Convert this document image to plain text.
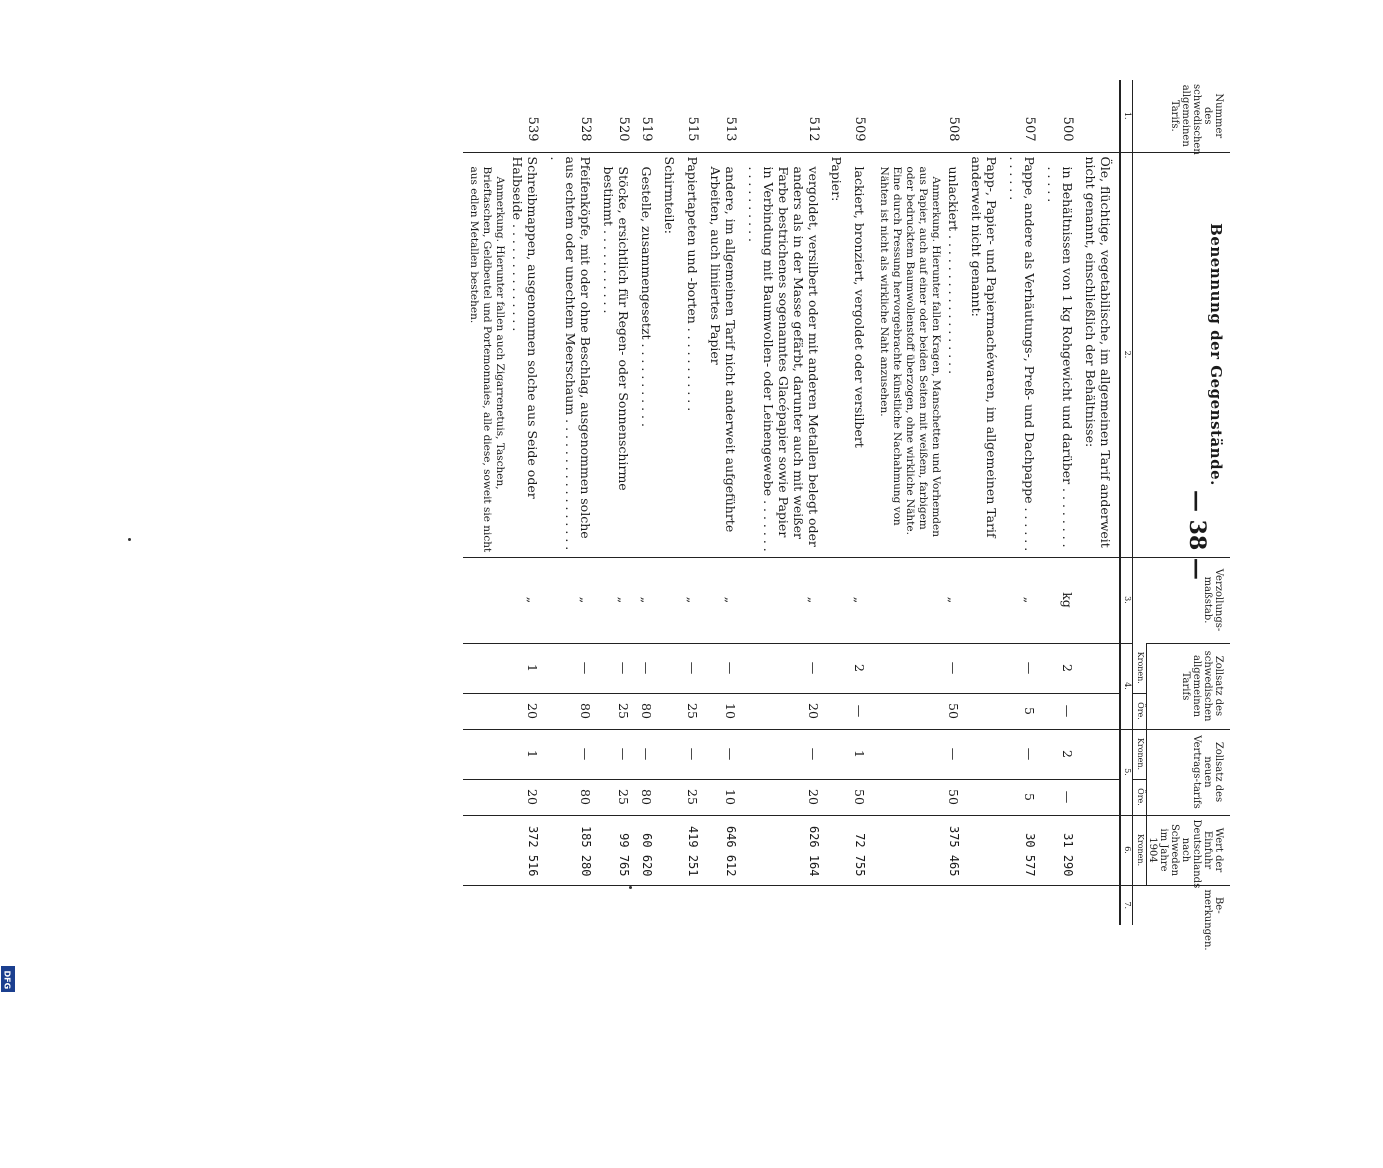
DFG
— 38 —
Nummer des schwedischen allgemeinen Tarifs.	Benennung der Gegenstände.	Verzollungs-maßstab.	Zollsatz des schwedischen allgemeinen Tarifs		Zollsatz des neuen Vertrags-tarifs		Wert der Einfuhr Deutschlands nach Schweden im Jahre 1904	Be-merkungen.
			Kronen.	Öre.	Kronen.	Öre.	Kronen.	
1.	2.	3.	4.		5.		6.	7.
	Öle, flüchtige, vegetabilische, im allgemeinen Tarif anderweit nicht genannt, einschließlich der Behältnisse:							
500	in Behältnissen von 1 kg Rohgewicht und darüber . . . . . . . . . . . . .	kg	2	—	2	—	31 290	
507	Pappe, andere als Verhäutungs-, Preß- und Dachpappe . . . . . . . . . . . .	„	—	5	—	5	30 577	
	Papp-, Papier- und Papiermachéwaren, im allgemeinen Tarif anderweit nicht genannt:							
508	unlackiert . . . . . . . . . . . . . . . . . .	„	—	50	—	50	375 465	
	Anmerkung. Hierunter fallen Kragen, Manschetten und Vorhemden aus Papier, auch auf einer oder beiden Seiten mit weißem, farbigem oder bedrucktem Baumwollenstoff überzogen, ohne wirkliche Nähte. Eine durch Pressung hervorgebrachte künstliche Nachahmung von Nähten ist nicht als wirkliche Naht anzusehen.							
509	lackiert, bronziert, vergoldet oder versilbert	„	2	—	1	50	72 755	
	Papier:							
512	vergoldet, versilbert oder mit anderen Metallen belegt oder anders als in der Masse gefärbt, darunter auch mit weißer Farbe bestrichenes sogenanntes Glacépapier sowie Papier in Verbindung mit Baumwollen- oder Leinengewebe . . . . . . . . . . . . . . . . .	„	—	20	—	20	626 164	
513	andere, im allgemeinen Tarif nicht anderweit aufgeführte Arbeiten, auch liniiertes Papier	„	—	10	—	10	646 612	
515	Papiertapeten und -borten . . . . . . . . . . .	„	—	25	—	25	419 251	
	Schirmteile:							
519	Gestelle, zusammengesetzt . . . . . . . . . . .	„	—	80	—	80	60 620	
520	Stöcke, ersichtlich für Regen- oder Sonnenschirme bestimmt . . . . . . . . . . .	„	—	25	—	25	99 765	
528	Pfeifenköpfe, mit oder ohne Beschlag, ausgenommen solche aus echtem oder unechtem Meerschaum . . . . . . . . . . . . . . . . . .	„	—	80	—	80	185 280	
539	Schreibmappen, ausgenommen solche aus Seide oder Halbseide . . . . . . . . . . . . . .	„	1	20	1	20	372 516	
	Anmerkung. Hierunter fallen auch Zigarrenetuis, Taschen, Brieftaschen, Geldbeutel und Portemonnaies, alle diese, soweit sie nicht aus edlen Metallen bestehen.							
